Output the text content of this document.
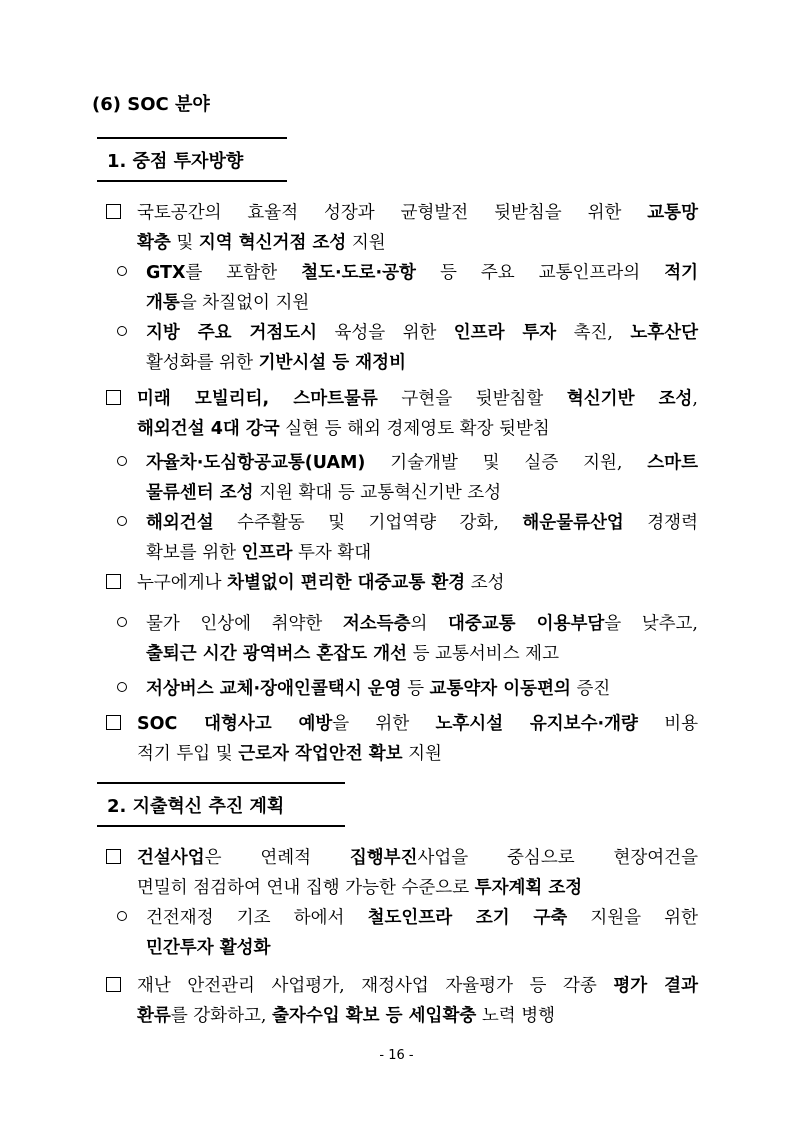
(6) SOC 분야
1. 중점 투자방향
국토공간의 효율적 성장과 균형발전 뒷받침을 위한 교통망
확충 및 지역 혁신거점 조성 지원
GTX를 포함한 철도·도로·공항 등 주요 교통인프라의 적기
개통을 차질없이 지원
지방 주요 거점도시 육성을 위한 인프라 투자 촉진, 노후산단
활성화를 위한 기반시설 등 재정비
미래 모빌리티, 스마트물류 구현을 뒷받침할 혁신기반 조성,
해외건설 4대 강국 실현 등 해외 경제영토 확장 뒷받침
자율차·도심항공교통(UAM) 기술개발 및 실증 지원, 스마트
물류센터 조성 지원 확대 등 교통혁신기반 조성
해외건설 수주활동 및 기업역량 강화, 해운물류산업 경쟁력
확보를 위한 인프라 투자 확대
누구에게나 차별없이 편리한 대중교통 환경 조성
물가 인상에 취약한 저소득층의 대중교통 이용부담을 낮추고,
출퇴근 시간 광역버스 혼잡도 개선 등 교통서비스 제고
저상버스 교체·장애인콜택시 운영 등 교통약자 이동편의 증진
SOC 대형사고 예방을 위한 노후시설 유지보수·개량 비용
적기 투입 및 근로자 작업안전 확보 지원
2. 지출혁신 추진 계획
건설사업은 연례적 집행부진사업을 중심으로 현장여건을
면밀히 점검하여 연내 집행 가능한 수준으로 투자계획 조정
건전재정 기조 하에서 철도인프라 조기 구축 지원을 위한
민간투자 활성화
재난 안전관리 사업평가, 재정사업 자율평가 등 각종 평가 결과
환류를 강화하고, 출자수입 확보 등 세입확충 노력 병행
- 16 -
